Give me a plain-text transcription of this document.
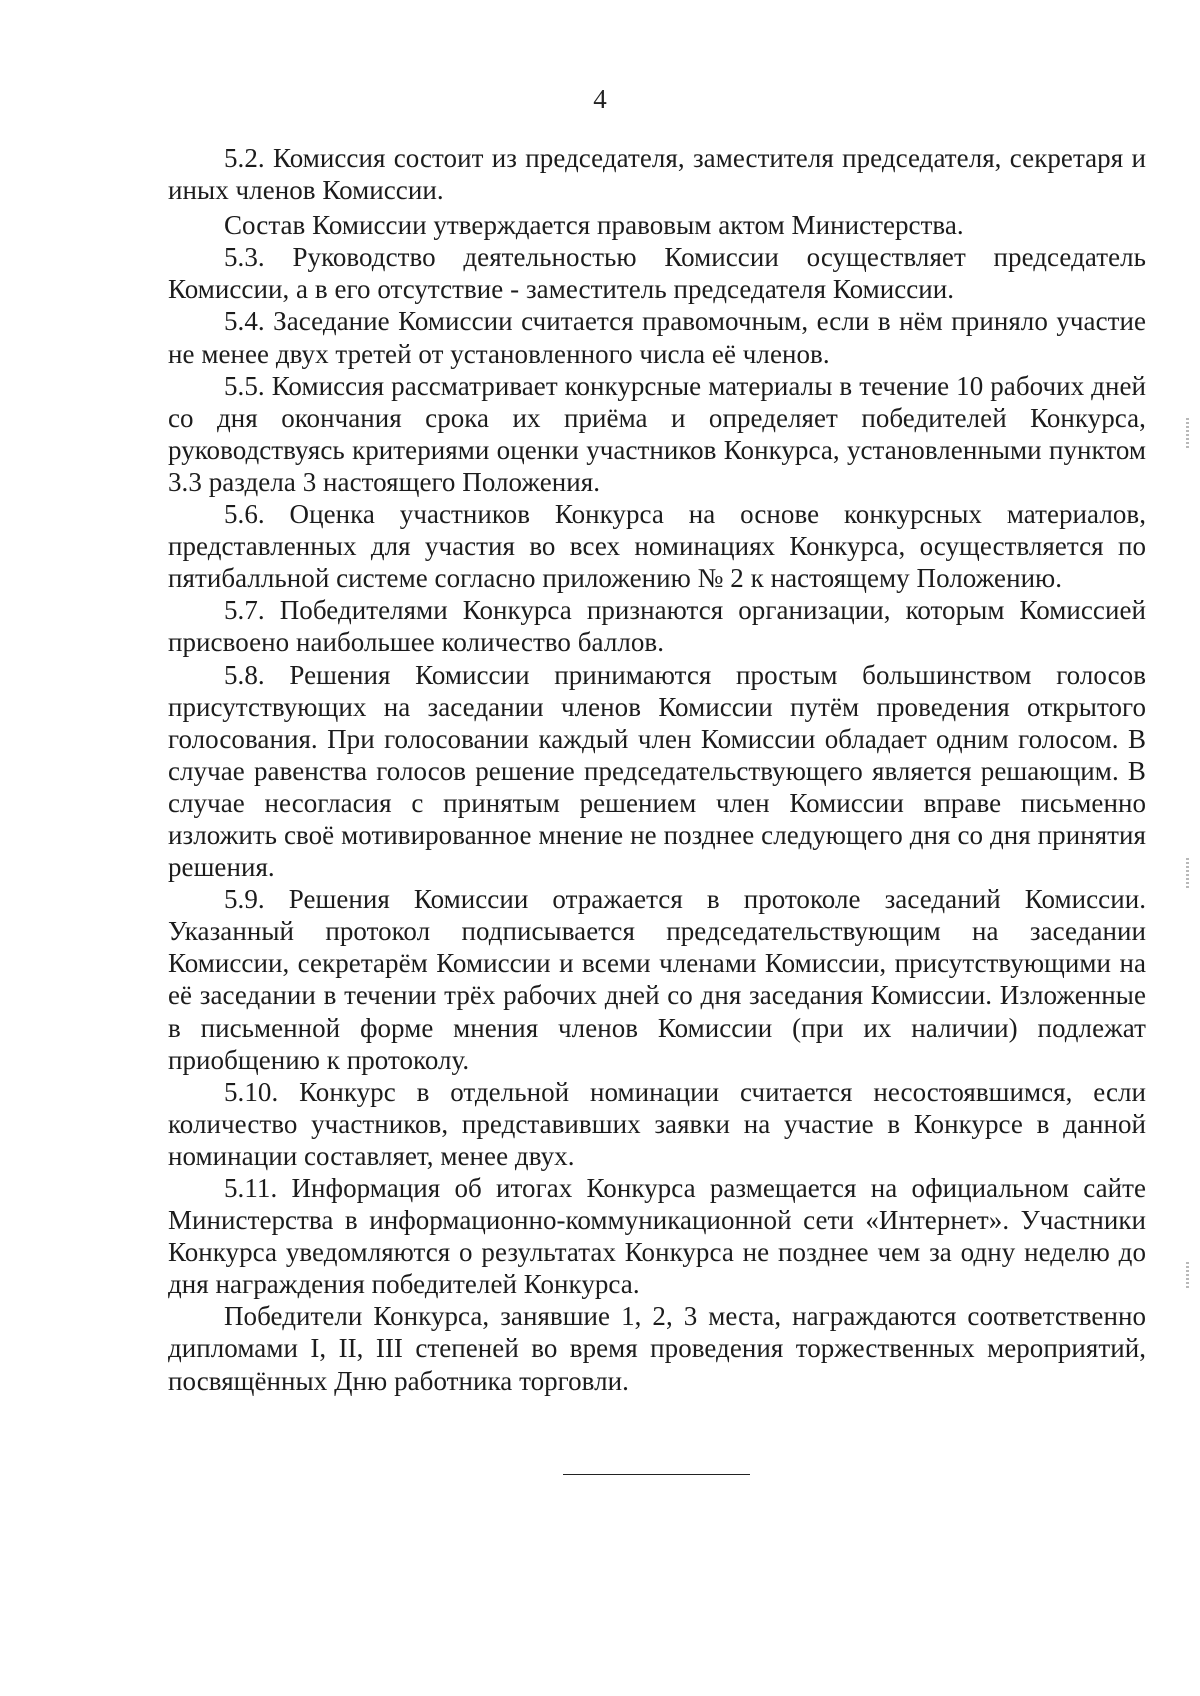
4

5.2. Комиссия состоит из председателя, заместителя председателя, секретаря и иных членов Комиссии.

Состав Комиссии утверждается правовым актом Министерства.

5.3. Руководство деятельностью Комиссии осуществляет председатель Комиссии, а в его отсутствие - заместитель председателя Комиссии.

5.4. Заседание Комиссии считается правомочным, если в нём приняло участие не менее двух третей от установленного числа её членов.

5.5. Комиссия рассматривает конкурсные материалы в течение 10 рабочих дней со дня окончания срока их приёма и определяет победителей Конкурса, руководствуясь критериями оценки участников Конкурса, установленными пунктом 3.3 раздела 3 настоящего Положения.

5.6. Оценка участников Конкурса на основе конкурсных материалов, представленных для участия во всех номинациях Конкурса, осуществляется по пятибалльной системе согласно приложению № 2 к настоящему Положению.

5.7. Победителями Конкурса признаются организации, которым Комиссией присвоено наибольшее количество баллов.

5.8. Решения Комиссии принимаются простым большинством голосов присутствующих на заседании членов Комиссии путём проведения открытого голосования. При голосовании каждый член Комиссии обладает одним голосом. В случае равенства голосов решение председательствующего является решающим. В случае несогласия с принятым решением член Комиссии вправе письменно изложить своё мотивированное мнение не позднее следующего дня со дня принятия решения.

5.9. Решения Комиссии отражается в протоколе заседаний Комиссии. Указанный протокол подписывается председательствующим на заседании Комиссии, секретарём Комиссии и всеми членами Комиссии, присутствующими на её заседании в течении трёх рабочих дней со дня заседания Комиссии. Изложенные в письменной форме мнения членов Комиссии (при их наличии) подлежат приобщению к протоколу.

5.10. Конкурс в отдельной номинации считается несостоявшимся, если количество участников, представивших заявки на участие в Конкурсе в данной номинации составляет, менее двух.

5.11. Информация об итогах Конкурса размещается на официальном сайте Министерства в информационно-коммуникационной сети «Интернет». Участники Конкурса уведомляются о результатах Конкурса не позднее чем за одну неделю до дня награждения победителей Конкурса.

Победители Конкурса, занявшие 1, 2, 3 места, награждаются соответственно дипломами I, II, III степеней во время проведения торжественных мероприятий, посвящённых Дню работника торговли.
